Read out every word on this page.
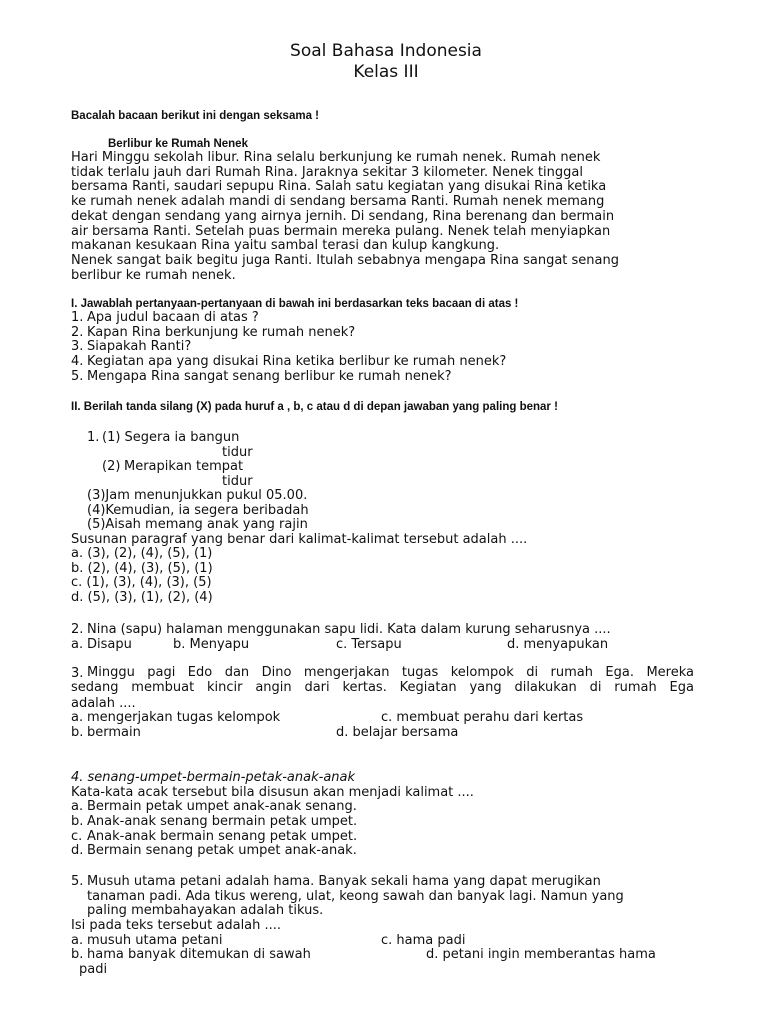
Soal Bahasa Indonesia
Kelas III
Bacalah bacaan berikut ini dengan seksama !
Berlibur ke Rumah Nenek

Hari Minggu sekolah libur. Rina selalu berkunjung ke rumah nenek. Rumah nenek

tidak terlalu jauh dari Rumah Rina. Jaraknya sekitar 3 kilometer. Nenek tinggal

bersama Ranti, saudari sepupu Rina. Salah satu kegiatan yang disukai Rina ketika

ke rumah nenek adalah mandi di sendang bersama Ranti. Rumah nenek memang

dekat dengan sendang yang airnya jernih. Di sendang, Rina berenang dan bermain

air bersama Ranti. Setelah puas bermain mereka pulang. Nenek telah menyiapkan

makanan kesukaan Rina yaitu sambal terasi dan kulup kangkung.

Nenek sangat baik begitu juga Ranti. Itulah sebabnya mengapa Rina sangat senang

berlibur ke rumah nenek.

I. Jawablah pertanyaan-pertanyaan di bawah ini berdasarkan teks bacaan di atas !

1. Apa judul bacaan di atas ?

2. Kapan Rina berkunjung ke rumah nenek?

3. Siapakah Ranti?

4. Kegiatan apa yang disukai Rina ketika berlibur ke rumah nenek?

5. Mengapa Rina sangat senang berlibur ke rumah nenek?

II. Berilah tanda silang (X) pada huruf a , b, c atau d di depan jawaban yang paling benar !
1. (1) Segera ia bangun
tidur
(2) Merapikan tempat
tidur
(3)Jam menunjukkan pukul 05.00.
(4)Kemudian, ia segera beribadah
(5)Aisah memang anak yang rajin
Susunan paragraf yang benar dari kalimat-kalimat tersebut adalah ....
a. (3), (2), (4), (5), (1)
b. (2), (4), (3), (5), (1)
c. (1), (3), (4), (3), (5)
d. (5), (3), (1), (2), (4)
2. Nina (sapu) halaman menggunakan sapu lidi. Kata dalam kurung seharusnya ....
a. Disapu	b. Menyapu	c. Tersapu	d. menyapukan
3. Minggu pagi Edo dan Dino mengerjakan tugas kelompok di rumah Ega. Mereka
sedang membuat kincir angin dari kertas. Kegiatan yang dilakukan di rumah Ega
adalah ....
a. mengerjakan tugas kelompok	c. membuat perahu dari kertas
b. bermain	d. belajar bersama
4. senang-umpet-bermain-petak-anak-anak
Kata-kata acak tersebut bila disusun akan menjadi kalimat ....
a. Bermain petak umpet anak-anak senang.
b. Anak-anak senang bermain petak umpet.
c. Anak-anak bermain senang petak umpet.
d. Bermain senang petak umpet anak-anak.
5. Musuh utama petani adalah hama. Banyak sekali hama yang dapat merugikan
tanaman padi. Ada tikus wereng, ulat, keong sawah dan banyak lagi. Namun yang
paling membahayakan adalah tikus.
Isi pada teks tersebut adalah ....
a. musuh utama petani	c. hama padi
b. hama banyak ditemukan di sawah	d. petani ingin memberantas hama
padi
